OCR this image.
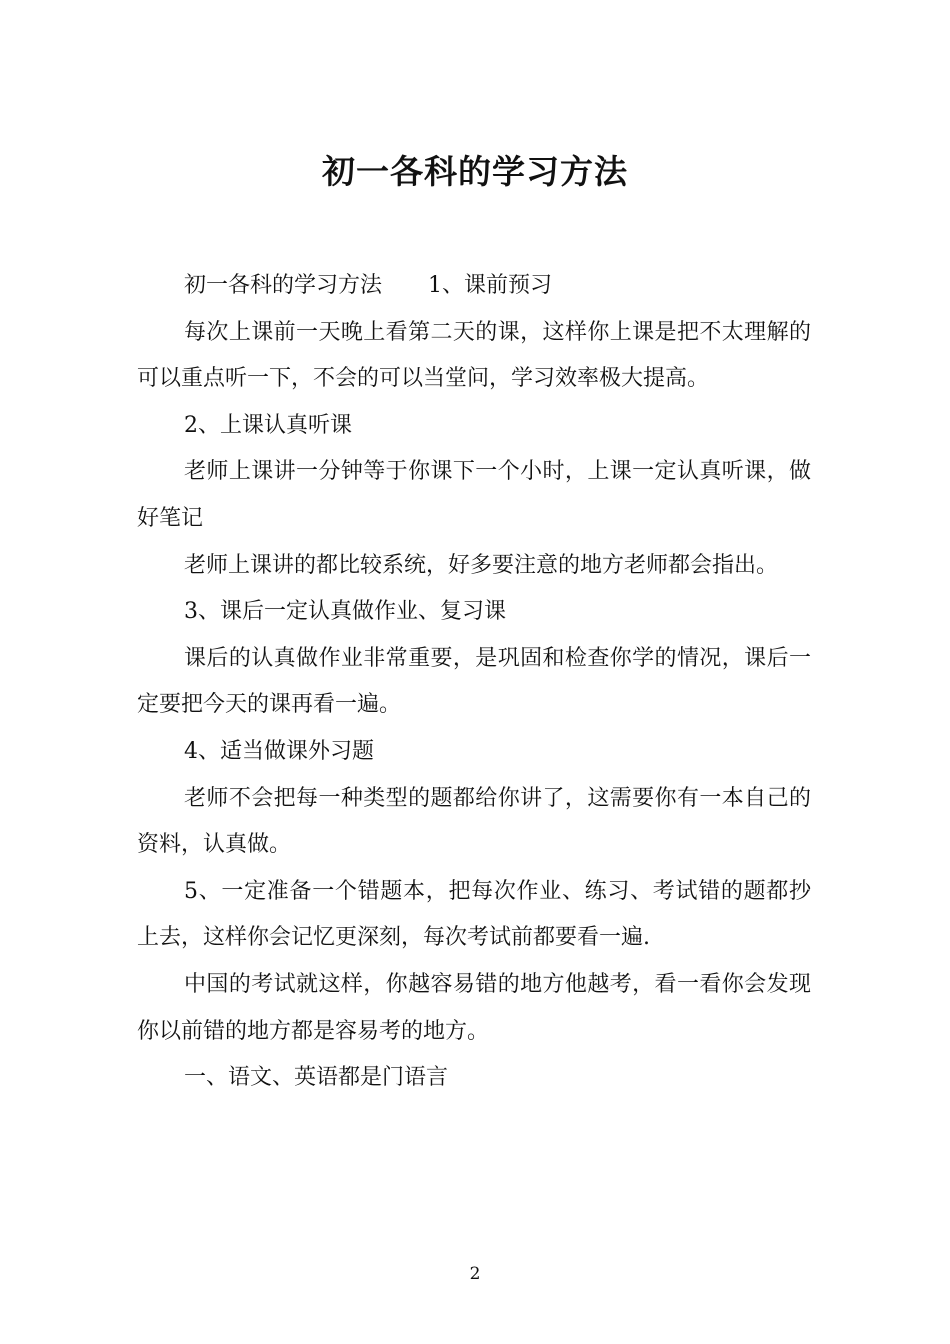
初一各科的学习方法

初一各科的学习方法 1、课前预习

每次上课前一天晚上看第二天的课，这样你上课是把不太理解的可以重点听一下，不会的可以当堂问，学习效率极大提高。

2、上课认真听课

老师上课讲一分钟等于你课下一个小时，上课一定认真听课，做好笔记

老师上课讲的都比较系统，好多要注意的地方老师都会指出。

3、课后一定认真做作业、复习课

课后的认真做作业非常重要，是巩固和检查你学的情况，课后一定要把今天的课再看一遍。

4、适当做课外习题

老师不会把每一种类型的题都给你讲了，这需要你有一本自己的资料，认真做。

5、一定准备一个错题本，把每次作业、练习、考试错的题都抄上去，这样你会记忆更深刻，每次考试前都要看一遍.

中国的考试就这样，你越容易错的地方他越考，看一看你会发现你以前错的地方都是容易考的地方。

一、语文、英语都是门语言

2
